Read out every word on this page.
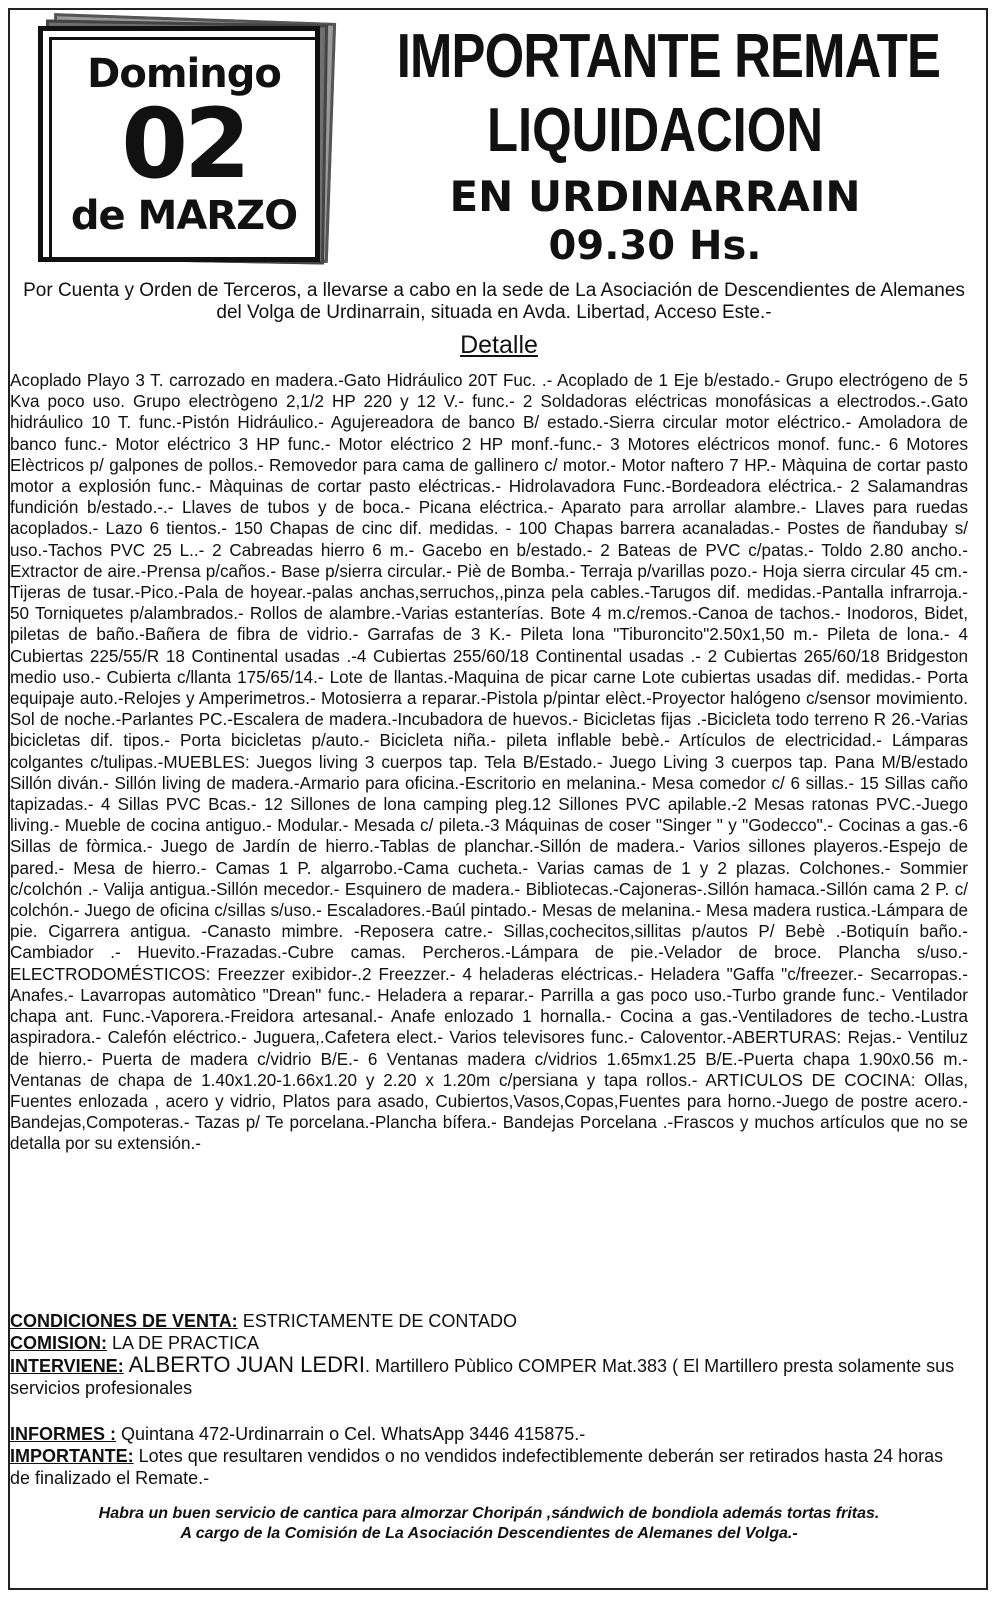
Domingo
02
de MARZO
IMPORTANTE REMATE
LIQUIDACION
EN URDINARRAIN
09.30 Hs.
Por Cuenta y Orden de Terceros, a llevarse a cabo en la sede de La Asociación de Descendientes de Alemanes del Volga de Urdinarrain, situada en Avda. Libertad, Acceso Este.-
Detalle
Acoplado Playo 3 T. carrozado en madera.-Gato Hidráulico 20T Fuc. .- Acoplado de 1 Eje b/estado.- Grupo electrógeno de 5 Kva poco uso. Grupo electrògeno 2,1/2 HP 220 y 12 V.- func.- 2 Soldadoras eléctricas monofásicas a electrodos.-.Gato hidráulico 10 T. func.-Pistón Hidráulico.- Agujereadora de banco B/ estado.-Sierra circular motor eléctrico.- Amoladora de banco func.- Motor eléctrico 3 HP func.- Motor eléctrico 2 HP monf.-func.- 3 Motores eléctricos monof. func.- 6 Motores Elèctricos p/ galpones de pollos.- Removedor para cama de gallinero c/ motor.- Motor naftero 7 HP.- Màquina de cortar pasto motor a explosión func.- Màquinas de cortar pasto eléctricas.- Hidrolavadora Func.-Bordeadora eléctrica.- 2 Salamandras fundición b/estado.-.- Llaves de tubos y de boca.- Picana eléctrica.- Aparato para arrollar alambre.- Llaves para ruedas acoplados.- Lazo 6 tientos.- 150 Chapas de cinc dif. medidas. - 100 Chapas barrera acanaladas.- Postes de ñandubay s/ uso.-Tachos PVC 25 L..- 2 Cabreadas hierro 6 m.- Gacebo en b/estado.- 2 Bateas de PVC c/patas.- Toldo 2.80 ancho.- Extractor de aire.-Prensa p/caños.- Base p/sierra circular.- Piè de Bomba.- Terraja p/varillas pozo.- Hoja sierra circular 45 cm.- Tijeras de tusar.-Pico.-Pala de hoyear.-palas anchas,serruchos,,pinza pela cables.-Tarugos dif. medidas.-Pantalla infrarroja.- 50 Torniquetes p/alambrados.- Rollos de alambre.-Varias estanterías. Bote 4 m.c/remos.-Canoa de tachos.- Inodoros, Bidet, piletas de baño.-Bañera de fibra de vidrio.- Garrafas de 3 K.- Pileta lona "Tiburoncito"2.50x1,50 m.- Pileta de lona.- 4 Cubiertas 225/55/R 18 Continental usadas .-4 Cubiertas 255/60/18 Continental usadas .- 2 Cubiertas 265/60/18 Bridgeston medio uso.- Cubierta c/llanta 175/65/14.- Lote de llantas.-Maquina de picar carne Lote cubiertas usadas dif. medidas.- Porta equipaje auto.-Relojes y Amperimetros.- Motosierra a reparar.-Pistola p/pintar elèct.-Proyector halógeno c/sensor movimiento. Sol de noche.-Parlantes PC.-Escalera de madera.-Incubadora de huevos.- Bicicletas fijas .-Bicicleta todo terreno R 26.-Varias bicicletas dif. tipos.- Porta bicicletas p/auto.- Bicicleta niña.- pileta inflable bebè.- Artículos de electricidad.- Lámparas colgantes c/tulipas.-MUEBLES: Juegos living 3 cuerpos tap. Tela B/Estado.- Juego Living 3 cuerpos tap. Pana M/B/estado Sillón diván.- Sillón living de madera.-Armario para oficina.-Escritorio en melanina.- Mesa comedor c/ 6 sillas.- 15 Sillas caño tapizadas.- 4 Sillas PVC Bcas.- 12 Sillones de lona camping pleg.12 Sillones PVC apilable.-2 Mesas ratonas PVC.-Juego living.- Mueble de cocina antiguo.- Modular.- Mesada c/ pileta.-3 Máquinas de coser "Singer " y "Godecco".- Cocinas a gas.-6 Sillas de fòrmica.- Juego de Jardín de hierro.-Tablas de planchar.-Sillón de madera.- Varios sillones playeros.-Espejo de pared.- Mesa de hierro.- Camas 1 P. algarrobo.-Cama cucheta.- Varias camas de 1 y 2 plazas. Colchones.- Sommier c/colchón .- Valija antigua.-Sillón mecedor.- Esquinero de madera.- Bibliotecas.-Cajoneras-.Sillón hamaca.-Sillón cama 2 P. c/ colchón.- Juego de oficina c/sillas s/uso.- Escaladores.-Baúl pintado.- Mesas de melanina.- Mesa madera rustica.-Lámpara de pie. Cigarrera antigua. -Canasto mimbre. -Reposera catre.- Sillas,cochecitos,sillitas p/autos P/ Bebè .-Botiquín baño.- Cambiador .- Huevito.-Frazadas.-Cubre camas. Percheros.-Lámpara de pie.-Velador de broce. Plancha s/uso.- ELECTRODOMÉSTICOS: Freezzer exibidor-.2 Freezzer.- 4 heladeras eléctricas.- Heladera "Gaffa "c/freezer.- Secarropas.-Anafes.- Lavarropas automàtico "Drean" func.- Heladera a reparar.- Parrilla a gas poco uso.-Turbo grande func.- Ventilador chapa ant. Func.-Vaporera.-Freidora artesanal.- Anafe enlozado 1 hornalla.- Cocina a gas.-Ventiladores de techo.-Lustra aspiradora.- Calefón eléctrico.- Juguera,.Cafetera elect.- Varios televisores func.- Caloventor.-ABERTURAS: Rejas.- Ventiluz de hierro.- Puerta de madera c/vidrio B/E.- 6 Ventanas madera c/vidrios 1.65mx1.25 B/E.-Puerta chapa 1.90x0.56 m.- Ventanas de chapa de 1.40x1.20-1.66x1.20 y 2.20 x 1.20m c/persiana y tapa rollos.- ARTICULOS DE COCINA: Ollas, Fuentes enlozada , acero y vidrio, Platos para asado, Cubiertos,Vasos,Copas,Fuentes para horno.-Juego de postre acero.-Bandejas,Compoteras.- Tazas p/ Te porcelana.-Plancha bífera.- Bandejas Porcelana .-Frascos y muchos artículos que no se detalla por su extensión.-

CONDICIONES DE VENTA: ESTRICTAMENTE DE CONTADO

COMISION: LA DE PRACTICA

INTERVIENE: ALBERTO JUAN LEDRI. Martillero Pùblico COMPER Mat.383 ( El Martillero presta solamente sus servicios profesionales

INFORMES : Quintana 472-Urdinarrain o Cel. WhatsApp 3446 415875.-

IMPORTANTE: Lotes que resultaren vendidos o no vendidos indefectiblemente deberán ser retirados hasta 24 horas de finalizado el Remate.-

Habra un buen servicio de cantica para almorzar Choripán ,sándwich de bondiola además tortas fritas.
A cargo de la Comisión de La Asociación Descendientes de Alemanes del Volga.-
